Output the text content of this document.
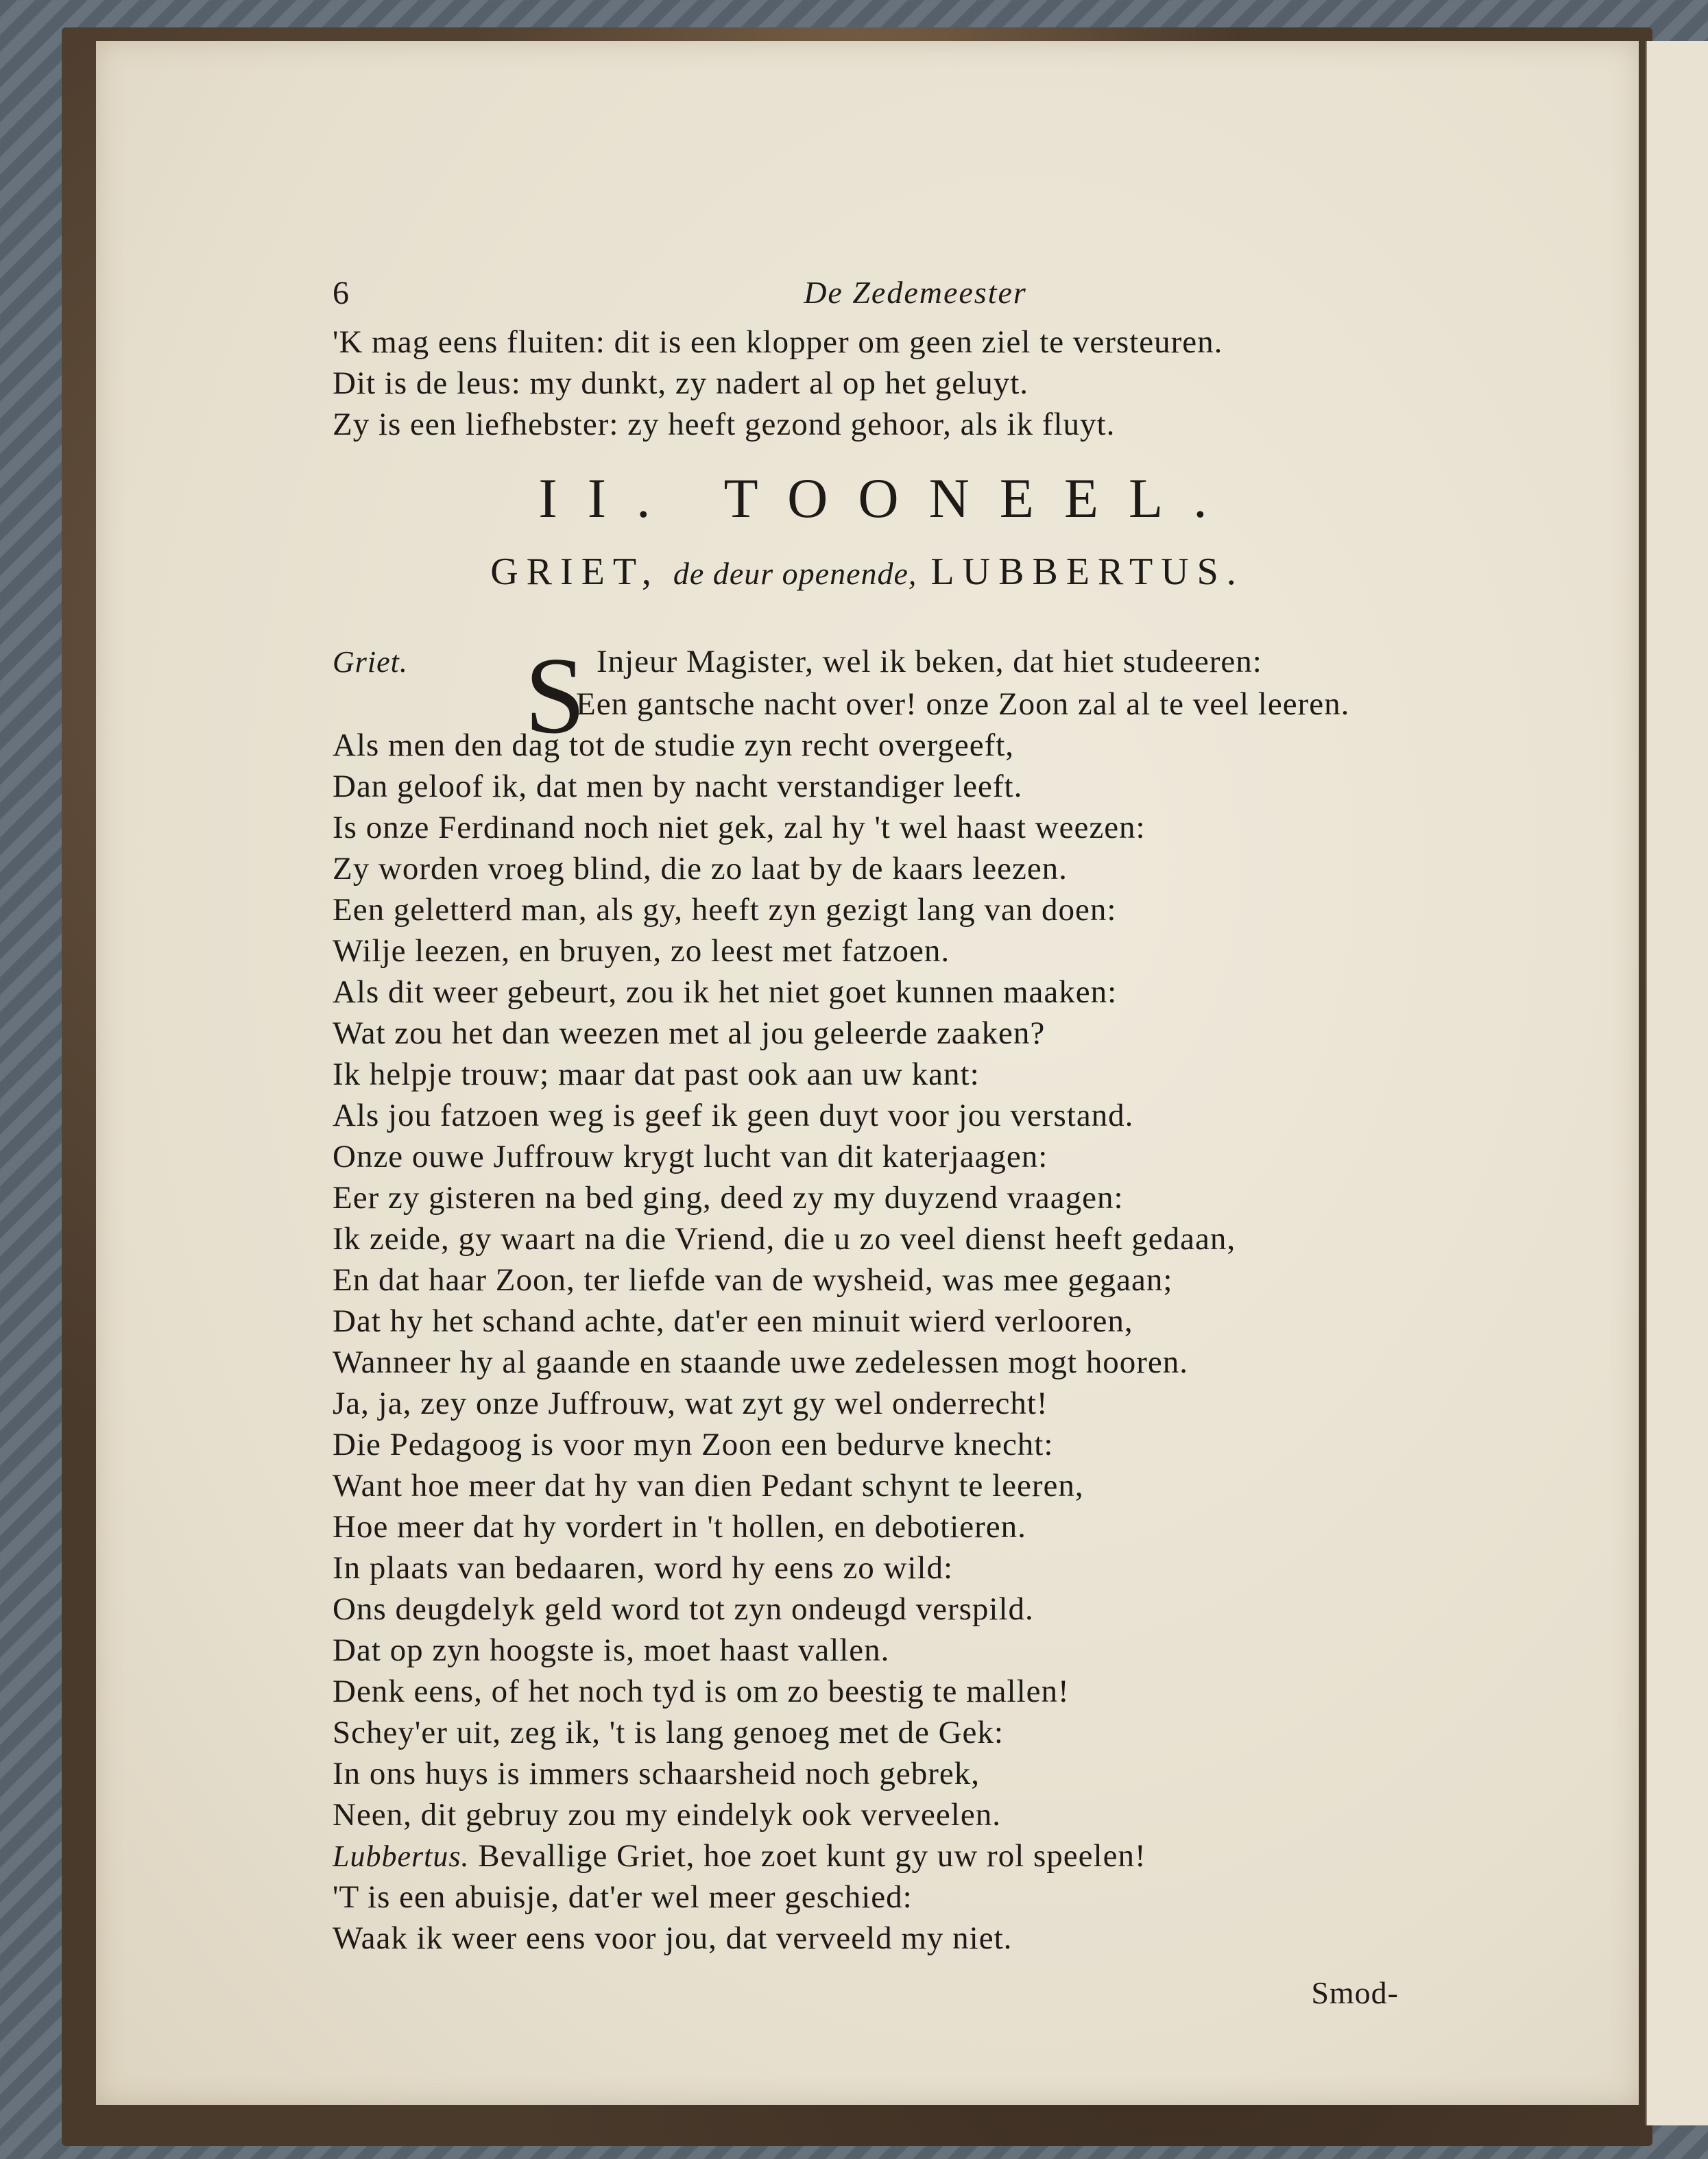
6	De Zedemeester
'K mag eens fluiten: dit is een klopper om geen ziel te versteuren.
Dit is de leus: my dunkt, zy nadert al op het geluyt.
Zy is een liefhebster: zy heeft gezond gehoor, als ik fluyt.
II. TOONEEL.
GRIET, de deur openende, LUBBERTUS.
Griet. S Injeur Magister, wel ik beken, dat hiet studeeren:
Een gantsche nacht over! onze Zoon zal al te veel leeren.
Als men den dag tot de studie zyn recht overgeeft,
Dan geloof ik, dat men by nacht verstandiger leeft.
Is onze Ferdinand noch niet gek, zal hy 't wel haast weezen:
Zy worden vroeg blind, die zo laat by de kaars leezen.
Een geletterd man, als gy, heeft zyn gezigt lang van doen:
Wilje leezen, en bruyen, zo leest met fatzoen.
Als dit weer gebeurt, zou ik het niet goet kunnen maaken:
Wat zou het dan weezen met al jou geleerde zaaken?
Ik helpje trouw; maar dat past ook aan uw kant:
Als jou fatzoen weg is geef ik geen duyt voor jou verstand.
Onze ouwe Juffrouw krygt lucht van dit katerjaagen:
Eer zy gisteren na bed ging, deed zy my duyzend vraagen:
Ik zeide, gy waart na die Vriend, die u zo veel dienst heeft gedaan,
En dat haar Zoon, ter liefde van de wysheid, was mee gegaan;
Dat hy het schand achte, dat'er een minuit wierd verlooren,
Wanneer hy al gaande en staande uwe zedelessen mogt hooren.
Ja, ja, zey onze Juffrouw, wat zyt gy wel onderrecht!
Die Pedagoog is voor myn Zoon een bedurve knecht:
Want hoe meer dat hy van dien Pedant schynt te leeren,
Hoe meer dat hy vordert in 't hollen, en debotieren.
In plaats van bedaaren, word hy eens zo wild:
Ons deugdelyk geld word tot zyn ondeugd verspild.
Dat op zyn hoogste is, moet haast vallen.
Denk eens, of het noch tyd is om zo beestig te mallen!
Schey'er uit, zeg ik, 't is lang genoeg met de Gek:
In ons huys is immers schaarsheid noch gebrek,
Neen, dit gebruy zou my eindelyk ook verveelen.
Lubbertus. Bevallige Griet, hoe zoet kunt gy uw rol speelen!
'T is een abuisje, dat'er wel meer geschied:
Waak ik weer eens voor jou, dat verveeld my niet.
Smod-
